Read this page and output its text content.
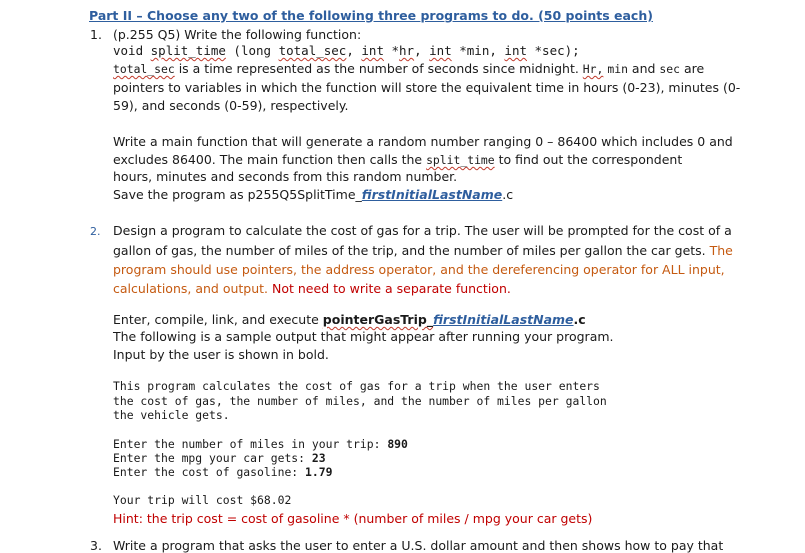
Part II – Choose any two of the following three programs to do. (50 points each)
1. (p.255 Q5) Write the following function:
void split_time (long total_sec, int *hr, int *min, int *sec);
total_sec is a time represented as the number of seconds since midnight. Hr, min and sec are
pointers to variables in which the function will store the equivalent time in hours (0-23), minutes (0-
59), and seconds (0-59), respectively.
Write a main function that will generate a random number ranging 0 – 86400 which includes 0 and
excludes 86400. The main function then calls the split_time to find out the correspondent
hours, minutes and seconds from this random number.
Save the program as p255Q5SplitTime_firstInitialLastName.c
2. Design a program to calculate the cost of gas for a trip. The user will be prompted for the cost of a
gallon of gas, the number of miles of the trip, and the number of miles per gallon the car gets. The
program should use pointers, the address operator, and the dereferencing operator for ALL input,
calculations, and output. Not need to write a separate function.
Enter, compile, link, and execute pointerGasTrip_firstInitialLastName.c
The following is a sample output that might appear after running your program.
Input by the user is shown in bold.
This program calculates the cost of gas for a trip when the user enters
the cost of gas, the number of miles, and the number of miles per gallon
the vehicle gets.
Enter the number of miles in your trip: 890
Enter the mpg your car gets: 23
Enter the cost of gasoline: 1.79
Your trip will cost $68.02
Hint: the trip cost = cost of gasoline * (number of miles / mpg your car gets)
3. Write a program that asks the user to enter a U.S. dollar amount and then shows how to pay that
